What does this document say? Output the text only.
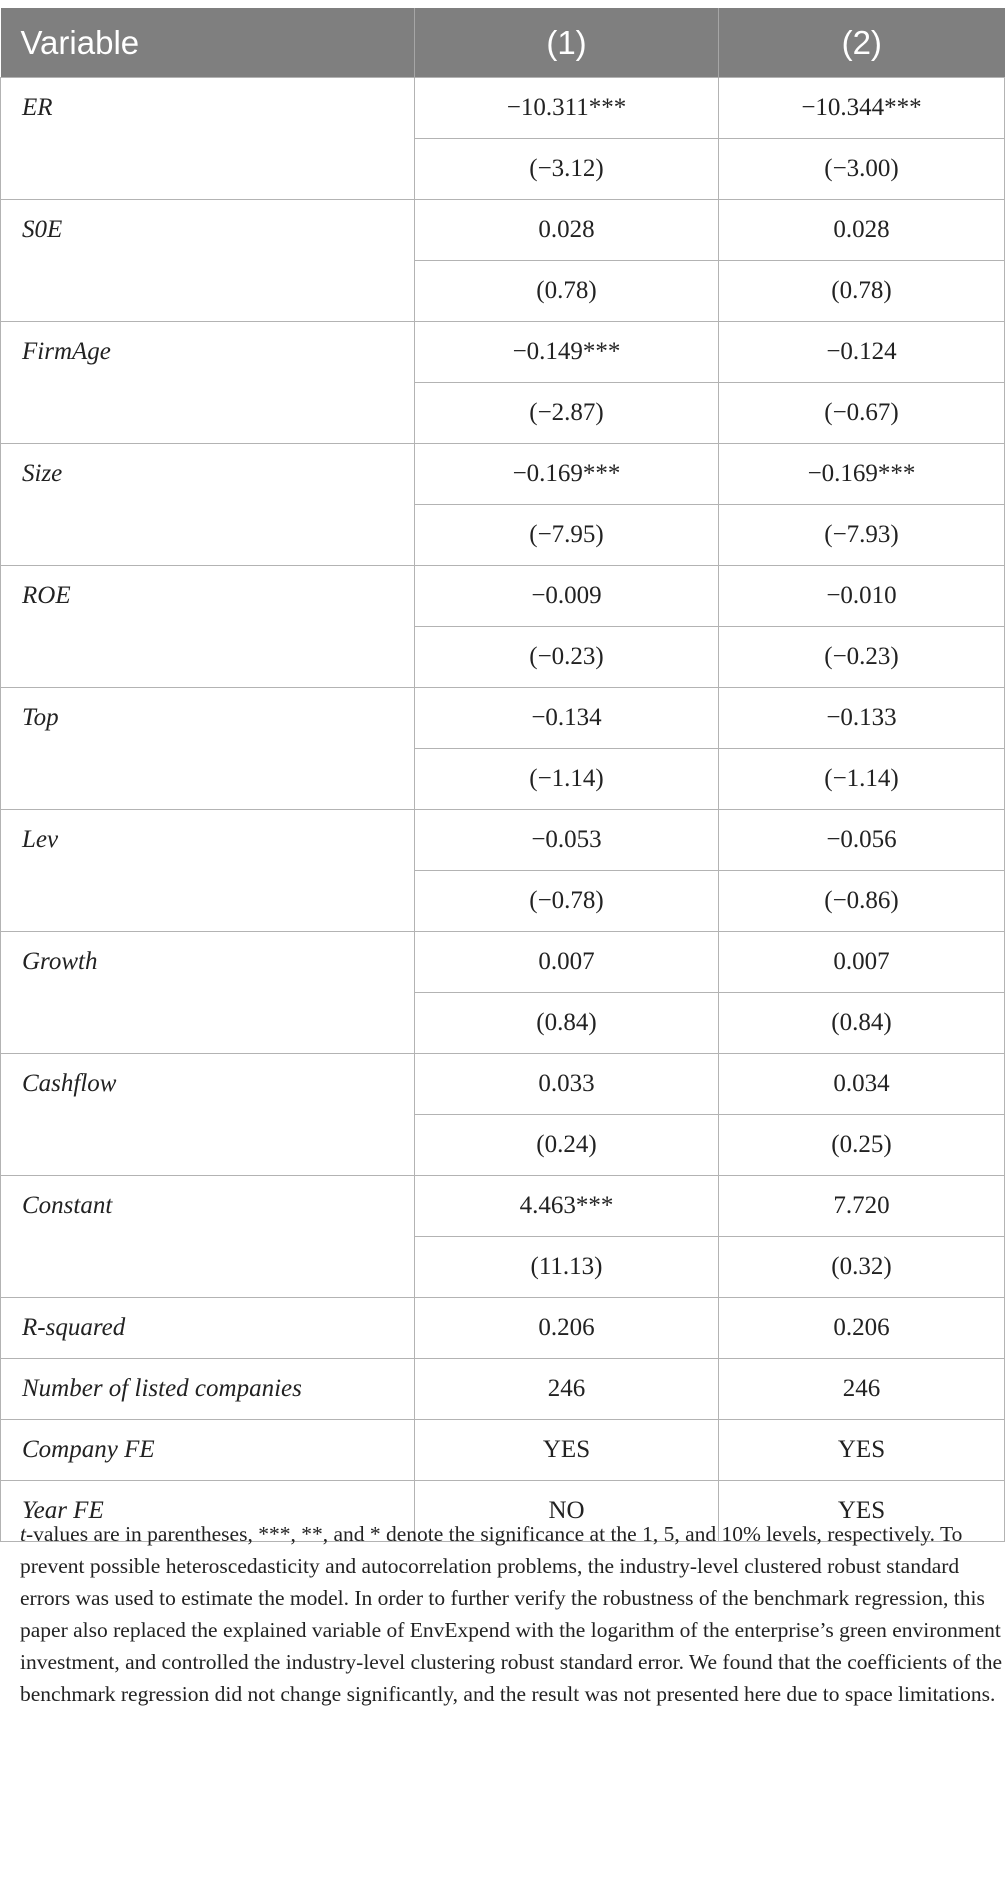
Variable	(1)	(2)
ER	−10.311***	−10.344***
	(−3.12)	(−3.00)
S0E	0.028	0.028
	(0.78)	(0.78)
FirmAge	−0.149***	−0.124
	(−2.87)	(−0.67)
Size	−0.169***	−0.169***
	(−7.95)	(−7.93)
ROE	−0.009	−0.010
	(−0.23)	(−0.23)
Top	−0.134	−0.133
	(−1.14)	(−1.14)
Lev	−0.053	−0.056
	(−0.78)	(−0.86)
Growth	0.007	0.007
	(0.84)	(0.84)
Cashflow	0.033	0.034
	(0.24)	(0.25)
Constant	4.463***	7.720
	(11.13)	(0.32)
R-squared	0.206	0.206
Number of listed companies	246	246
Company FE	YES	YES
Year FE	NO	YES

t-values are in parentheses, ***, **, and * denote the significance at the 1, 5, and 10% levels, respectively. To prevent possible heteroscedasticity and autocorrelation problems, the industry-level clustered robust standard errors was used to estimate the model. In order to further verify the robustness of the benchmark regression, this paper also replaced the explained variable of EnvExpend with the logarithm of the enterprise’s green environment investment, and controlled the industry-level clustering robust standard error. We found that the coefficients of the benchmark regression did not change significantly, and the result was not presented here due to space limitations.
